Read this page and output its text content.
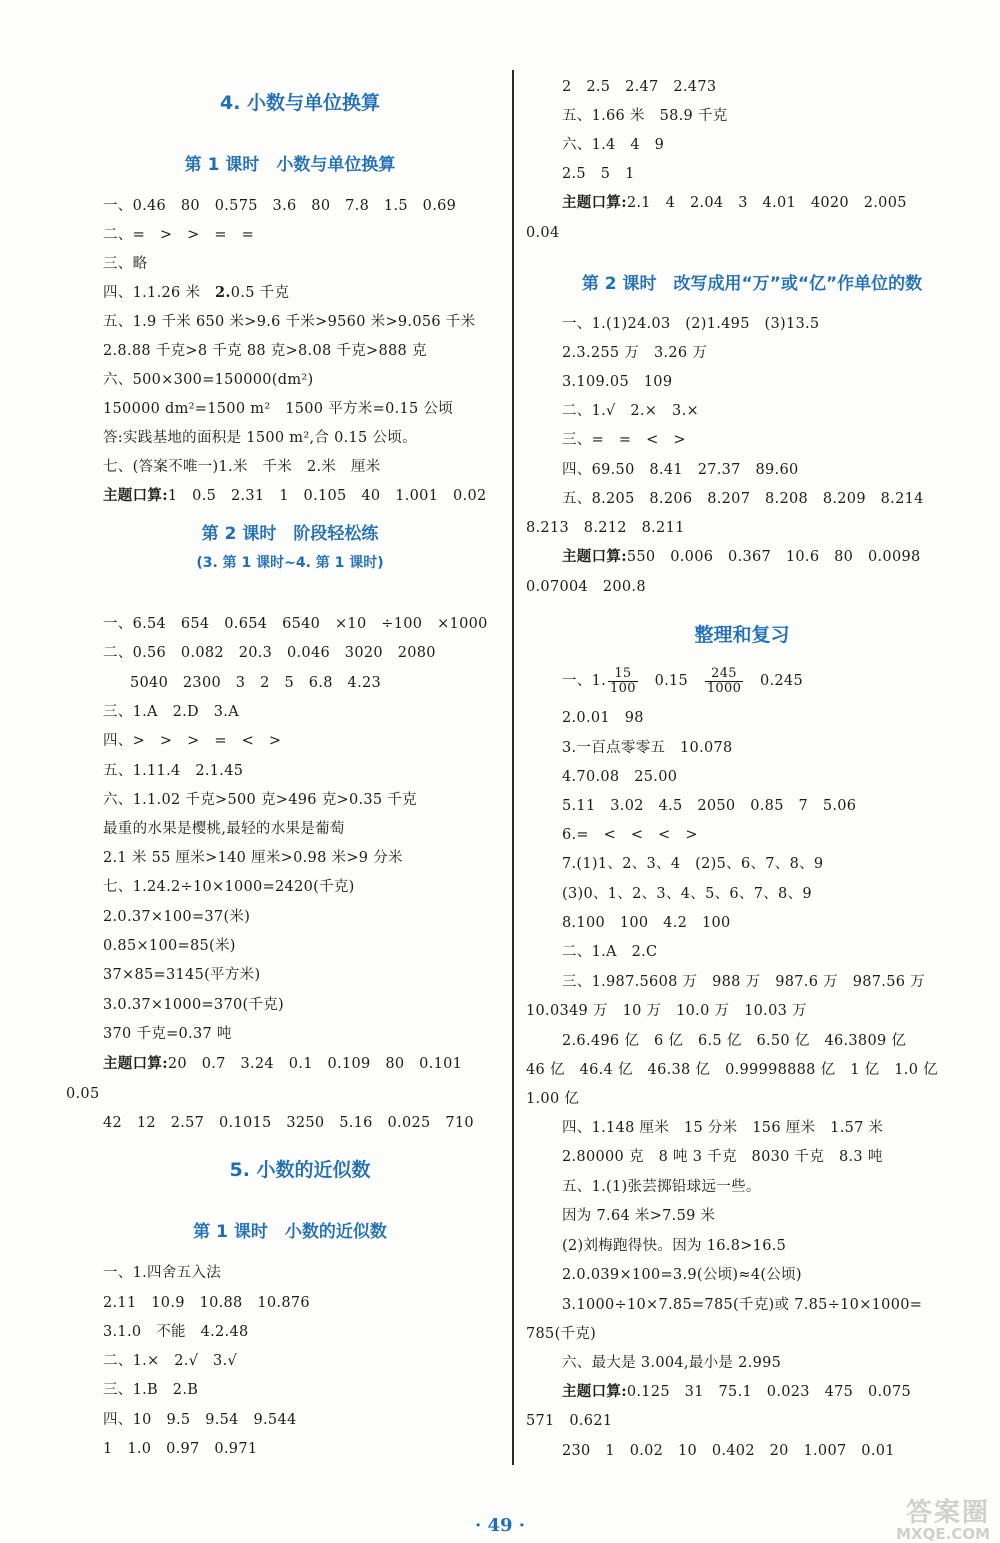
4. 小数与单位换算
第 1 课时　小数与单位换算
一、0.46　80　0.575　3.6　80　7.8　1.5　0.69
二、=　>　>　=　=
三、略
四、1.1.26 米　2.0.5 千克
五、1.9 千米 650 米>9.6 千米>9560 米>9.056 千米
2.8.88 千克>8 千克 88 克>8.08 千克>888 克
六、500×300=150000(dm²)
150000 dm²=1500 m²　1500 平方米=0.15 公顷
答:实践基地的面积是 1500 m²,合 0.15 公顷。
七、(答案不唯一)1.米　千米　2.米　厘米
主题口算:1　0.5　2.31　1　0.105　40　1.001　0.02
第 2 课时　阶段轻松练
(3. 第 1 课时~4. 第 1 课时)
一、6.54　654　0.654　6540　×10　÷100　×1000
二、0.56　0.082　20.3　0.046　3020　2080
5040　2300　3　2　5　6.8　4.23
三、1.A　2.D　3.A
四、>　>　>　=　<　>
五、1.11.4　2.1.45
六、1.1.02 千克>500 克>496 克>0.35 千克
最重的水果是樱桃,最轻的水果是葡萄
2.1 米 55 厘米>140 厘米>0.98 米>9 分米
七、1.24.2÷10×1000=2420(千克)
2.0.37×100=37(米)
0.85×100=85(米)
37×85=3145(平方米)
3.0.37×1000=370(千克)
370 千克=0.37 吨
主题口算:20　0.7　3.24　0.1　0.109　80　0.101
0.05
42　12　2.57　0.1015　3250　5.16　0.025　710
5. 小数的近似数
第 1 课时　小数的近似数
一、1.四舍五入法
2.11　10.9　10.88　10.876
3.1.0　不能　4.2.48
二、1.×　2.√　3.√
三、1.B　2.B
四、10　9.5　9.54　9.544
1　1.0　0.97　0.971
2　2.5　2.47　2.473
五、1.66 米　58.9 千克
六、1.4　4　9
2.5　5　1
主题口算:2.1　4　2.04　3　4.01　4020　2.005
0.04
第 2 课时　改写成用“万”或“亿”作单位的数
一、1.(1)24.03　(2)1.495　(3)13.5
2.3.255 万　3.26 万
3.109.05　109
二、1.√　2.×　3.×
三、=　=　<　>
四、69.50　8.41　27.37　89.60
五、8.205　8.206　8.207　8.208　8.209　8.214
8.213　8.212　8.211
主题口算:550　0.006　0.367　10.6　80　0.0098
0.07004　200.8
整理和复习
一、1. $\frac{15}{100}$ 　0.15　 $\frac{245}{1000}$ 　0.245
2.0.01　98
3.一百点零零五　10.078
4.70.08　25.00
5.11　3.02　4.5　2050　0.85　7　5.06
6.=　<　<　<　>
7.(1)1、2、3、4　(2)5、6、7、8、9
(3)0、1、2、3、4、5、6、7、8、9
8.100　100　4.2　100
二、1.A　2.C
三、1.987.5608 万　988 万　987.6 万　987.56 万
10.0349 万　10 万　10.0 万　10.03 万
2.6.496 亿　6 亿　6.5 亿　6.50 亿　46.3809 亿
46 亿　46.4 亿　46.38 亿　0.99998888 亿　1 亿　1.0 亿
1.00 亿
四、1.148 厘米　15 分米　156 厘米　1.57 米
2.80000 克　8 吨 3 千克　8030 千克　8.3 吨
五、1.(1)张芸掷铅球远一些。
因为 7.64 米>7.59 米
(2)刘梅跑得快。因为 16.8>16.5
2.0.039×100=3.9(公顷)≈4(公顷)
3.1000÷10×7.85=785(千克)或 7.85÷10×1000=
785(千克)
六、最大是 3.004,最小是 2.995
主题口算:0.125　31　75.1　0.023　475　0.075
571　0.621
230　1　0.02　10　0.402　20　1.007　0.01
· 49 ·	答案圈
MXQE.COM
